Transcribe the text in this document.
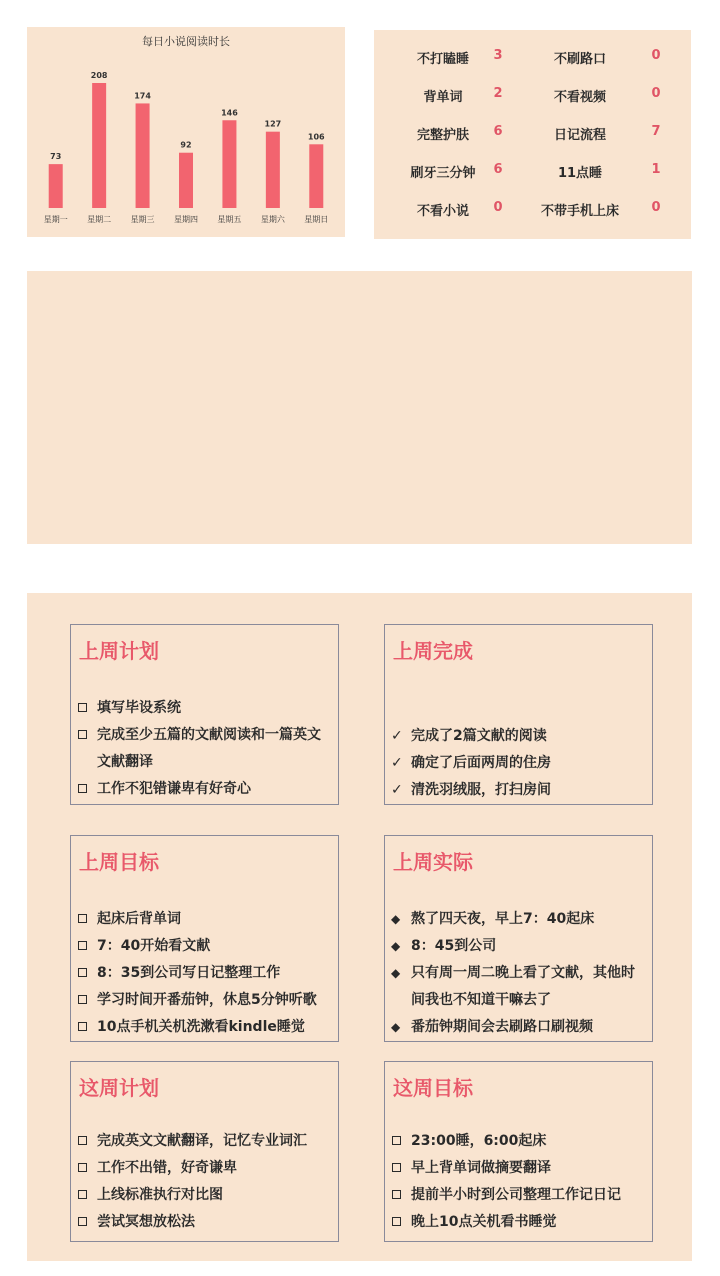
每日小说阅读时长
73
星期一
208
星期二
174
星期三
92
星期四
146
星期五
127
星期六
106
星期日
不打瞌睡	3	不刷路口	0
背单词	2	不看视频	0
完整护肤	6	日记流程	7
刷牙三分钟	6	11点睡	1
不看小说	0	不带手机上床	0
上周计划
填写毕设系统
完成至少五篇的文献阅读和一篇英文文献翻译
工作不犯错谦卑有好奇心
上周完成
✓ 完成了2篇文献的阅读
✓ 确定了后面两周的住房
✓ 清洗羽绒服，打扫房间
上周目标
起床后背单词
7：40开始看文献
8：35到公司写日记整理工作
学习时间开番茄钟，休息5分钟听歌
10点手机关机洗漱看kindle睡觉
上周实际
◆ 熬了四天夜，早上7：40起床
◆ 8：45到公司
◆ 只有周一周二晚上看了文献，其他时间我也不知道干嘛去了
◆ 番茄钟期间会去刷路口刷视频
这周计划
完成英文文献翻译，记忆专业词汇
工作不出错，好奇谦卑
上线标准执行对比图
尝试冥想放松法
这周目标
23:00睡，6:00起床
早上背单词做摘要翻译
提前半小时到公司整理工作记日记
晚上10点关机看书睡觉
